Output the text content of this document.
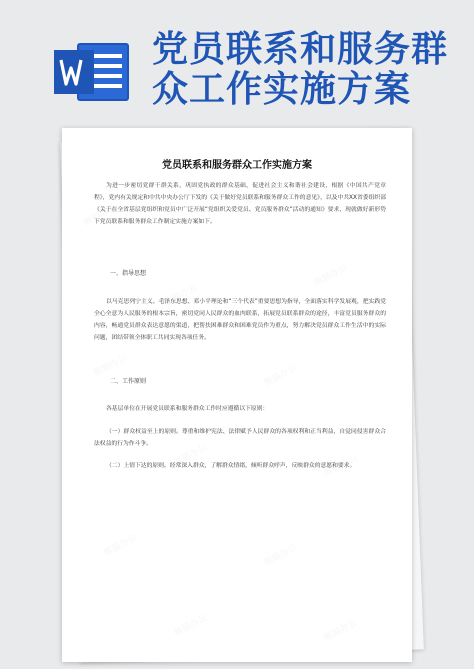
党员联系和服务群
众工作实施方案
党员联系和服务群众工作实施方案
为进一步密切党群干群关系，巩固党执政的群众基础，促进社会主义和谐社会建设，根据《中国共产党章程》，党内有关规定和中共中央办公厅下发的《关于做好党员联系和服务群众工作的意见》，以及中共XX省委组织部《关于在全省基层党组织和党员中广泛开展“党组织关爱党员、党员服务群众”活动的通知》要求，现就做好新形势下党员联系和服务群众工作制定实施方案如下。
一、指导思想
以马克思列宁主义、毛泽东思想、邓小平理论和“三个代表”重要思想为指导，全面落实科学发展观，把实践党全心全意为人民服务的根本宗旨，密切党同人民群众的血肉联系，拓展党员联系群众的途径，丰富党员服务群众的内容，畅通党员群众表达意愿的渠道，把帮扶困难群众和困难党员作为重点，努力解决党员群众工作生活中的实际问题，团结带领全体职工共同实现各项任务。
二、工作原则
各基层单位在开展党员联系和服务群众工作时应遵循以下原则：
（一）群众权益至上的原则。尊重和维护宪法、法律赋予人民群众的各项权利和正当利益，自觉同侵害群众合法权益的行为作斗争。
（二）上情下达的原则。经常深入群众，了解群众情绪，倾听群众呼声，反映群众的意愿和要求。
熊猫办公
熊猫办公
熊猫办公
熊猫办公
熊猫办公	熊猫办公
熊猫办公	熊猫办公
熊猫办公	熊猫办公
熊猫办公	熊猫办公
